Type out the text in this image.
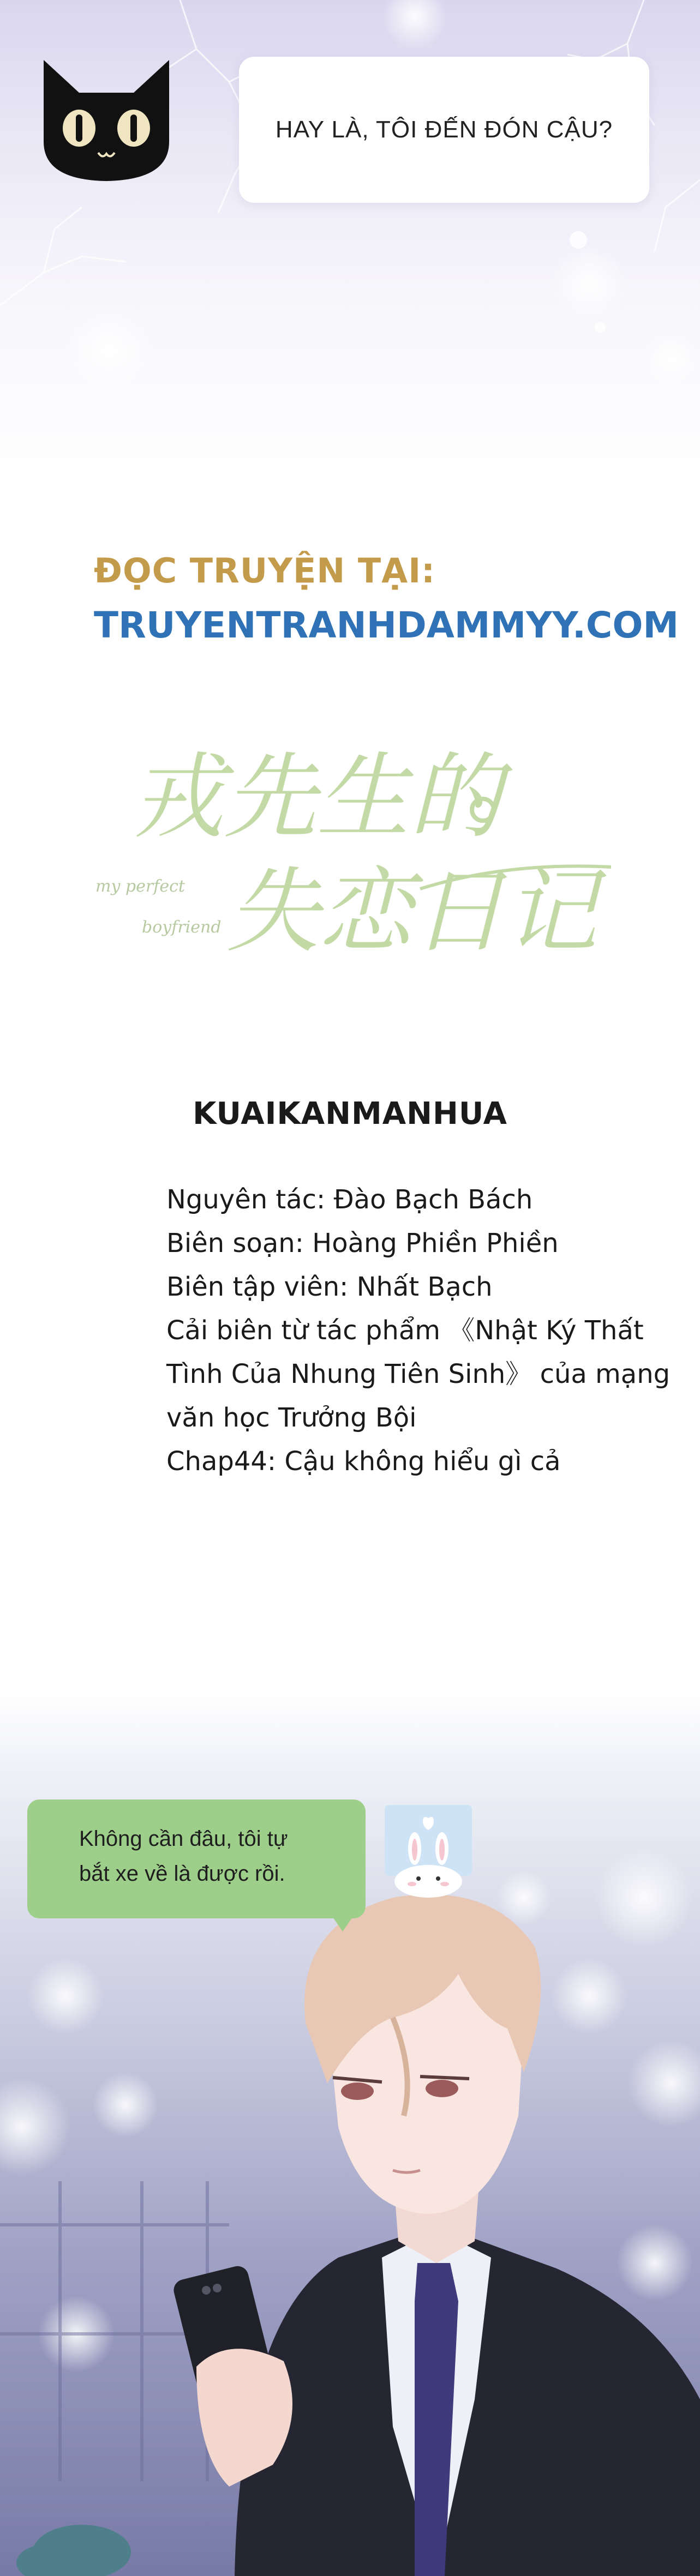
HAY LÀ, TÔI ĐẾN ĐÓN CẬU?
ĐỌC TRUYỆN TẠI:
TRUYENTRANHDAMMYY.COM
戎先生的
失恋日记
my perfect
boyfriend
KUAIKANMANHUA
Nguyên tác: Đào Bạch Bách
Biên soạn: Hoàng Phiền Phiền
Biên tập viên: Nhất Bạch
Cải biên từ tác phẩm 《Nhật Ký Thất
Tình Của Nhung Tiên Sinh》 của mạng
văn học Trưởng Bội
Chap44: Cậu không hiểu gì cả
Không cần đâu, tôi tự
bắt xe về là được rồi.
